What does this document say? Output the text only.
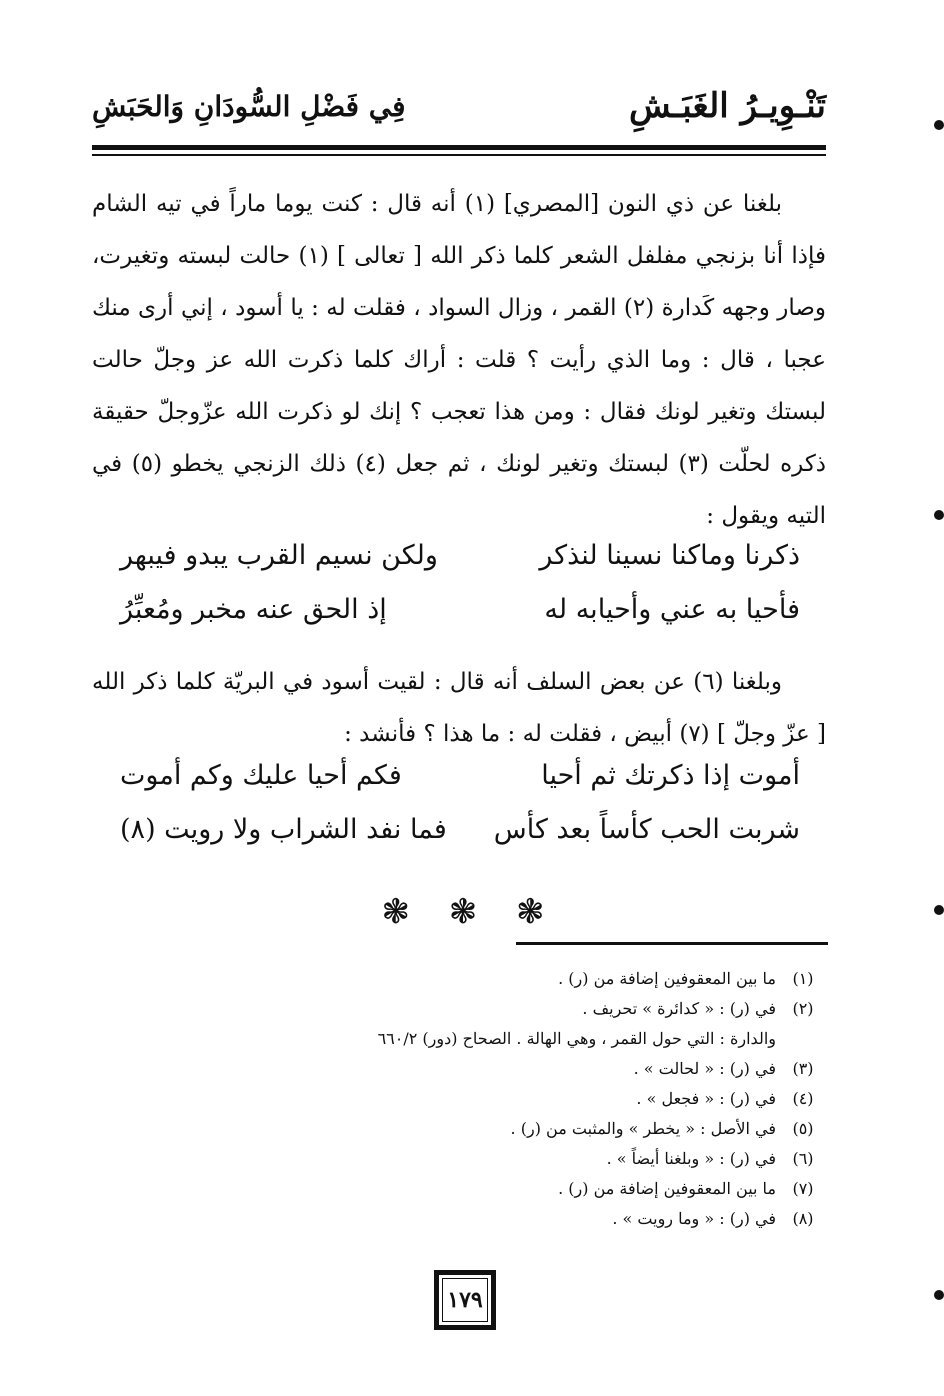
تَنْـوِيـرُ الغَبَـشِ
فِي فَضْلِ السُّودَانِ وَالحَبَشِ

بلغنا عن ذي النون [المصري] (١) أنه قال : كنت يوما ماراً في تيه الشام فإذا أنا بزنجي مفلفل الشعر كلما ذكر الله [ تعالى ] (١) حالت لبسته وتغيرت، وصار وجهه كَدارة (٢) القمر ، وزال السواد ، فقلت له : يا أسود ، إني أرى منك عجبا ، قال : وما الذي رأيت ؟ قلت : أراك كلما ذكرت الله عز وجلّ حالت لبستك وتغير لونك فقال : ومن هذا تعجب ؟ إنك لو ذكرت الله عزّوجلّ حقيقة ذكره لحلّت (٣) لبستك وتغير لونك ، ثم جعل (٤) ذلك الزنجي يخطو (٥) في التيه ويقول :

ذكرنا وماكنا نسينا لنذكر
ولكن نسيم القرب يبدو فيبهر
فأحيا به عني وأحيابه له
إذ الحق عنه مخبر ومُعبِّرُ

وبلغنا (٦) عن بعض السلف أنه قال : لقيت أسود في البريّة كلما ذكر الله [ عزّ وجلّ ] (٧) أبيض ، فقلت له : ما هذا ؟ فأنشد :

أموت إذا ذكرتك ثم أحيا
فكم أحيا عليك وكم أموت
شربت الحب كأساً بعد كأس
فما نفد الشراب ولا رويت (٨)
❃ ❃ ❃
(١)
ما بين المعقوفين إضافة من (ر) .
(٢)
في (ر) : « كدائرة » تحريف .
والدارة : التي حول القمر ، وهي الهالة . الصحاح (دور) ٦٦٠/٢
(٣)
في (ر) : « لحالت » .
(٤)
في (ر) : « فجعل » .
(٥)
في الأصل : « يخطر » والمثبت من (ر) .
(٦)
في (ر) : « وبلغنا أيضاً » .
(٧)
ما بين المعقوفين إضافة من (ر) .
(٨)
في (ر) : « وما رويت » .
١٧٩
